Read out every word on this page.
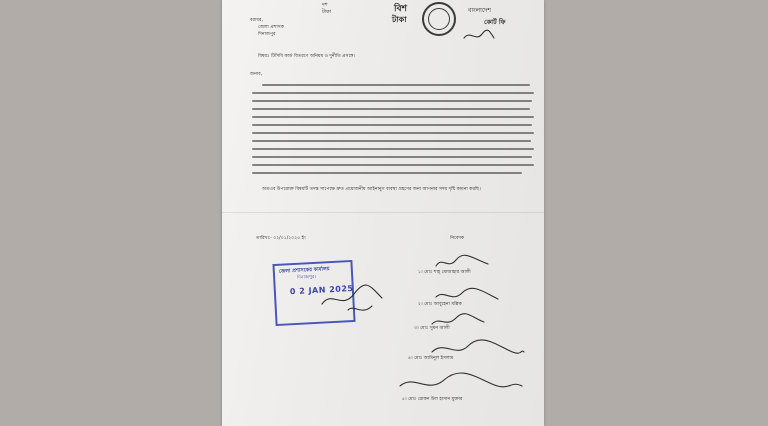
দশ
টাকা	বিশ
টাকা
বাংলাদেশ
কোর্ট ফি
বরাবর,
জেলা প্রশাসক
দিনাজপুর
বিষয়ঃ টিসিবি কার্ড বিতরণে অনিয়ম ও দুর্নীতি প্রসঙ্গে।
জনাব,
অতএব উপরোক্ত বিষয়টি তদন্ত সাপেক্ষে দ্রুত প্রয়োজনীয় আইনানুগ ব্যবস্থা গ্রহণের জন্য আপনার সদয় দৃষ্টি কামনা করছি।
তারিখঃ- ০২/০১/২০২৫ ইং	নিবেদক
জেলা প্রশাসকের কার্যালয়
দিনাজপুর।
0 2 JAN 2025
১। মোঃ শাহ্‌ মোজাহার আলী
২। মোঃ আবুহেনা মল্লিক
৩। মোঃ সুমন আলী
৪। মোঃ আমিনুল ইসলাম
৫। মোঃ রোকন উল হাসান মুক্তার
